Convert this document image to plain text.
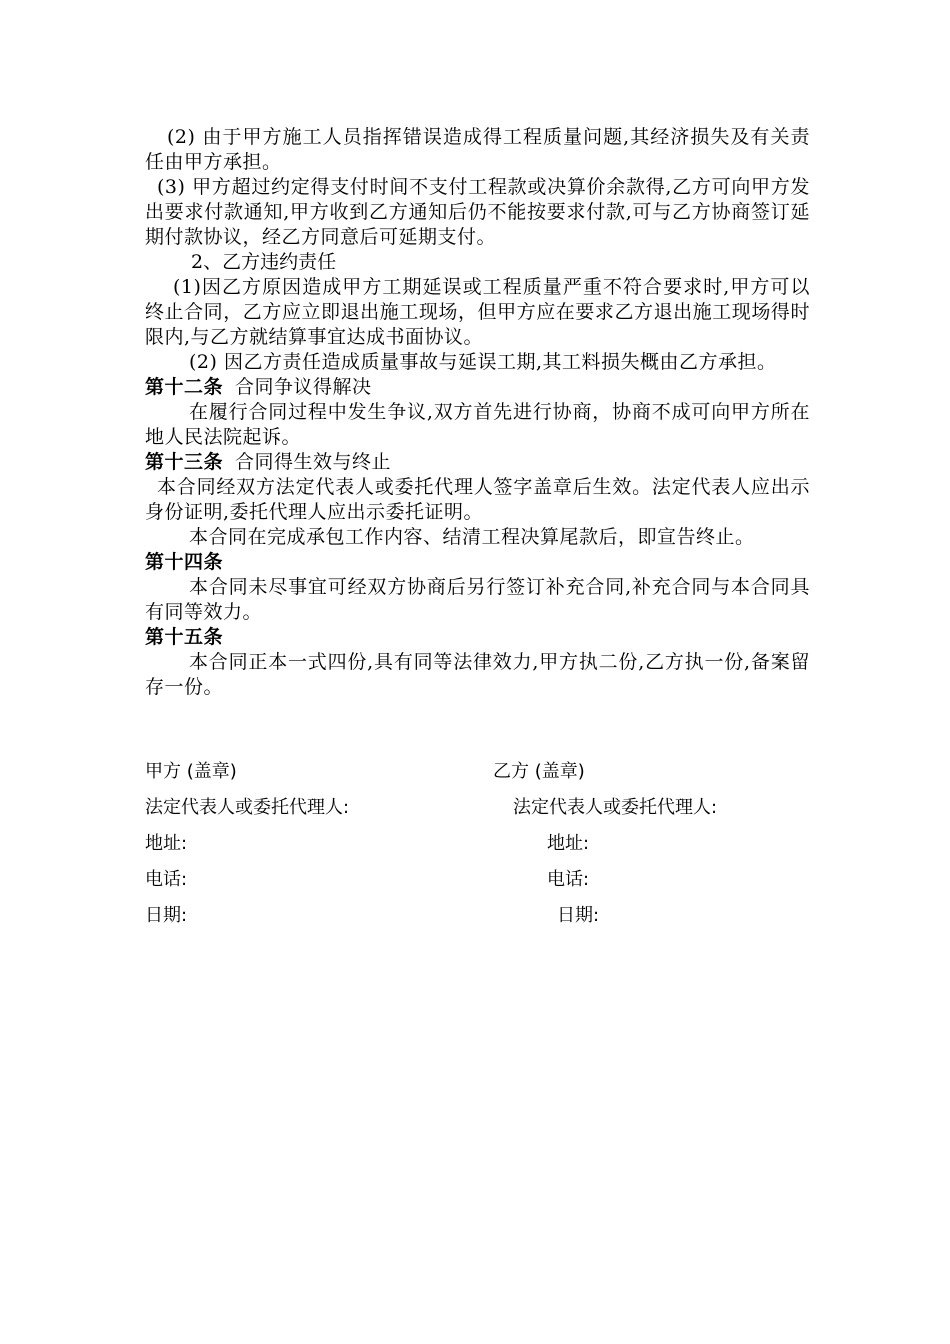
(2) 由于甲方施工人员指挥错误造成得工程质量问题,其经济损失及有关责任由甲方承担。

(3) 甲方超过约定得支付时间不支付工程款或决算价余款得,乙方可向甲方发出要求付款通知,甲方收到乙方通知后仍不能按要求付款,可与乙方协商签订延期付款协议，经乙方同意后可延期支付。

2、乙方违约责任

(1)因乙方原因造成甲方工期延误或工程质量严重不符合要求时,甲方可以终止合同，乙方应立即退出施工现场，但甲方应在要求乙方退出施工现场得时限内,与乙方就结算事宜达成书面协议。

(2) 因乙方责任造成质量事故与延误工期,其工料损失概由乙方承担。

第十二条 合同争议得解决

在履行合同过程中发生争议,双方首先进行协商，协商不成可向甲方所在地人民法院起诉。

第十三条 合同得生效与终止

本合同经双方法定代表人或委托代理人签字盖章后生效。法定代表人应出示身份证明,委托代理人应出示委托证明。

本合同在完成承包工作内容、结清工程决算尾款后，即宣告终止。

第十四条

本合同未尽事宜可经双方协商后另行签订补充合同,补充合同与本合同具有同等效力。

第十五条

本合同正本一式四份,具有同等法律效力,甲方执二份,乙方执一份,备案留存一份。

甲方 (盖章)	乙方 (盖章)
法定代表人或委托代理人:	法定代表人或委托代理人:
地址:	地址:
电话:	电话:
日期:	日期:
